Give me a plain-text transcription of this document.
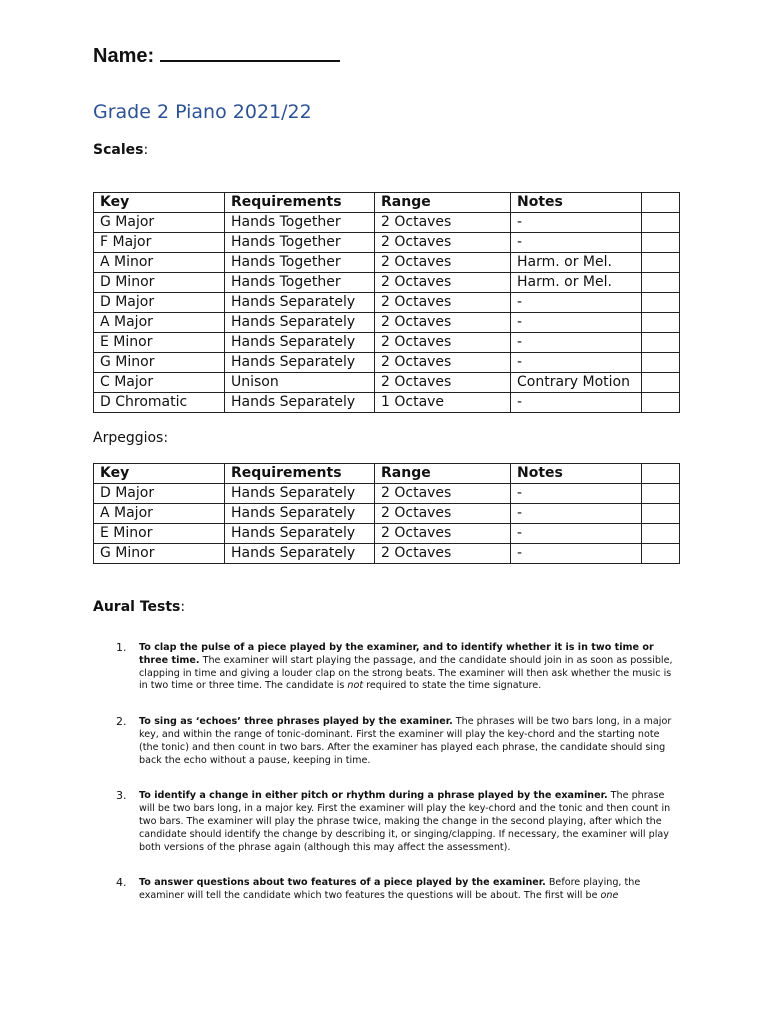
Name:
Grade 2 Piano 2021/22
Scales:
Key	Requirements	Range	Notes	
G Major	Hands Together	2 Octaves	-	
F Major	Hands Together	2 Octaves	-	
A Minor	Hands Together	2 Octaves	Harm. or Mel.	
D Minor	Hands Together	2 Octaves	Harm. or Mel.	
D Major	Hands Separately	2 Octaves	-	
A Major	Hands Separately	2 Octaves	-	
E Minor	Hands Separately	2 Octaves	-	
G Minor	Hands Separately	2 Octaves	-	
C Major	Unison	2 Octaves	Contrary Motion	
D Chromatic	Hands Separately	1 Octave	-	
Arpeggios:
Key	Requirements	Range	Notes	
D Major	Hands Separately	2 Octaves	-	
A Major	Hands Separately	2 Octaves	-	
E Minor	Hands Separately	2 Octaves	-	
G Minor	Hands Separately	2 Octaves	-	
Aural Tests:
1. To clap the pulse of a piece played by the examiner, and to identify whether it is in two time or three time. The examiner will start playing the passage, and the candidate should join in as soon as possible, clapping in time and giving a louder clap on the strong beats. The examiner will then ask whether the music is in two time or three time. The candidate is not required to state the time signature.
2. To sing as ‘echoes’ three phrases played by the examiner. The phrases will be two bars long, in a major key, and within the range of tonic-dominant. First the examiner will play the key-chord and the starting note (the tonic) and then count in two bars. After the examiner has played each phrase, the candidate should sing back the echo without a pause, keeping in time.
3. To identify a change in either pitch or rhythm during a phrase played by the examiner. The phrase will be two bars long, in a major key. First the examiner will play the key-chord and the tonic and then count in two bars. The examiner will play the phrase twice, making the change in the second playing, after which the candidate should identify the change by describing it, or singing/clapping. If necessary, the examiner will play both versions of the phrase again (although this may affect the assessment).
4. To answer questions about two features of a piece played by the examiner. Before playing, the examiner will tell the candidate which two features the questions will be about. The first will be one
